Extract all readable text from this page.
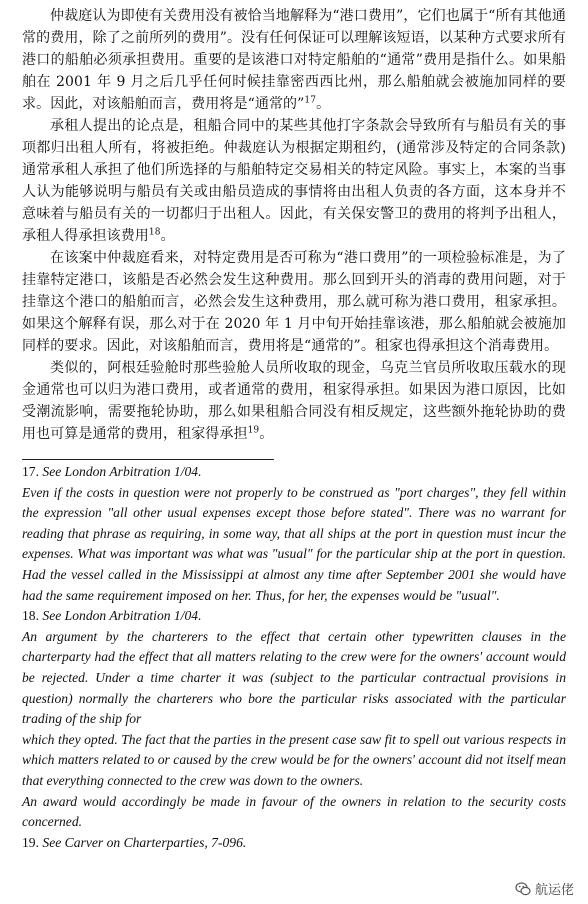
仲裁庭认为即使有关费用没有被恰当地解释为“港口费用”，它们也属于“所有其他通常的费用，除了之前所列的费用”。没有任何保证可以理解该短语，以某种方式要求所有港口的船舶必须承担费用。重要的是该港口对特定船舶的“通常”费用是指什么。如果船舶在 2001 年 9 月之后几乎任何时候挂靠密西西比州，那么船舶就会被施加同样的要求。因此，对该船舶而言，费用将是“通常的”$^{17}$。

承租人提出的论点是，租船合同中的某些其他打字条款会导致所有与船员有关的事项都归出租人所有，将被拒绝。仲裁庭认为根据定期租约，(通常涉及特定的合同条款)通常承租人承担了他们所选择的与船舶特定交易相关的特定风险。事实上，本案的当事人认为能够说明与船员有关或由船员造成的事情将由出租人负责的各方面，这本身并不意味着与船员有关的一切都归于出租人。因此，有关保安警卫的费用的将判予出租人，承租人得承担该费用$^{18}$。

在该案中仲裁庭看来，对特定费用是否可称为“港口费用”的一项检验标准是，为了挂靠特定港口，该船是否必然会发生这种费用。那么回到开头的消毒的费用问题，对于挂靠这个港口的船舶而言，必然会发生这种费用，那么就可称为港口费用，租家承担。如果这个解释有误，那么对于在 2020 年 1 月中旬开始挂靠该港，那么船舶就会被施加同样的要求。因此，对该船舶而言，费用将是“通常的”。租家也得承担这个消毒费用。

类似的，阿根廷验舱时那些验舱人员所收取的现金，乌克兰官员所收取压载水的现金通常也可以归为港口费用，或者通常的费用，租家得承担。如果因为港口原因，比如受潮流影响，需要拖轮协助，那么如果租船合同没有相反规定，这些额外拖轮协助的费用也可算是通常的费用，租家得承担$^{19}$。

17. See London Arbitration 1/04.

Even if the costs in question were not properly to be construed as "port charges", they fell within the expression "all other usual expenses except those before stated". There was no warrant for reading that phrase as requiring, in some way, that all ships at the port in question must incur the expenses. What was important was what was "usual" for the particular ship at the port in question. Had the vessel called in the Mississippi at almost any time after September 2001 she would have had the same requirement imposed on her. Thus, for her, the expenses would be "usual".

18. See London Arbitration 1/04.

An argument by the charterers to the effect that certain other typewritten clauses in the charterparty had the effect that all matters relating to the crew were for the owners' account would be rejected. Under a time charter it was (subject to the particular contractual provisions in question) normally the charterers who bore the particular risks associated with the particular trading of the ship for

which they opted. The fact that the parties in the present case saw fit to spell out various respects in which matters related to or caused by the crew would be for the owners' account did not itself mean that everything connected to the crew was down to the owners.

An award would accordingly be made in favour of the owners in relation to the security costs concerned.

19. See Carver on Charterparties, 7-096.

航运佬
